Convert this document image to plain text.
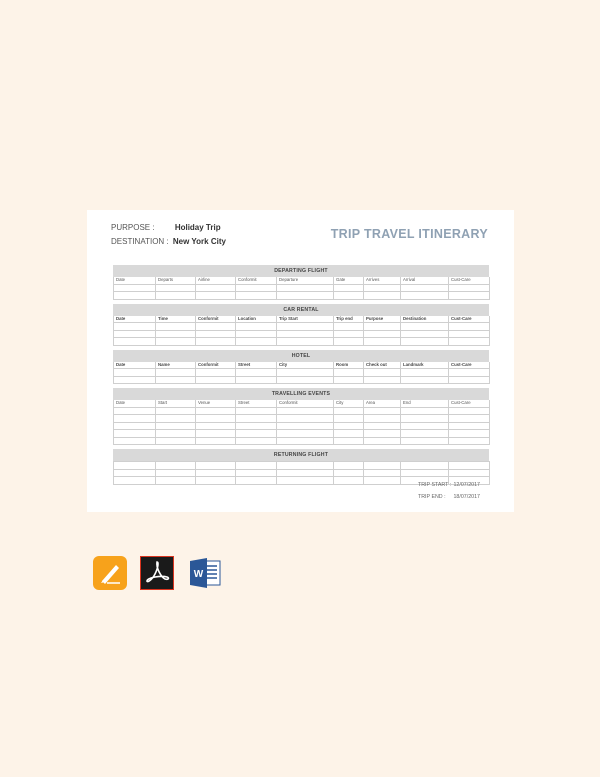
PURPOSE :	Holiday Trip
DESTINATION : New York City
TRIP TRAVEL ITINERARY
DEPARTING FLIGHT
Date	Departs	Airline	Conformit	Departure	Gate	Arrives	Arrival	Cust-Care

CAR RENTAL
Date	Time	Conformit	Location	Trip Start	Trip end	Purpose	Destination	Cust-Care

HOTEL
Date	Name	Conformit	Street	City	Room	Check out	Landmark	Cust-Care

TRAVELLING EVENTS
Date	Start	Venue	Street	Conformit	City	Area	End	Cust-Care

RETURNING FLIGHT

TRIP START : 12/07/2017
TRIP END : 18/07/2017
W
